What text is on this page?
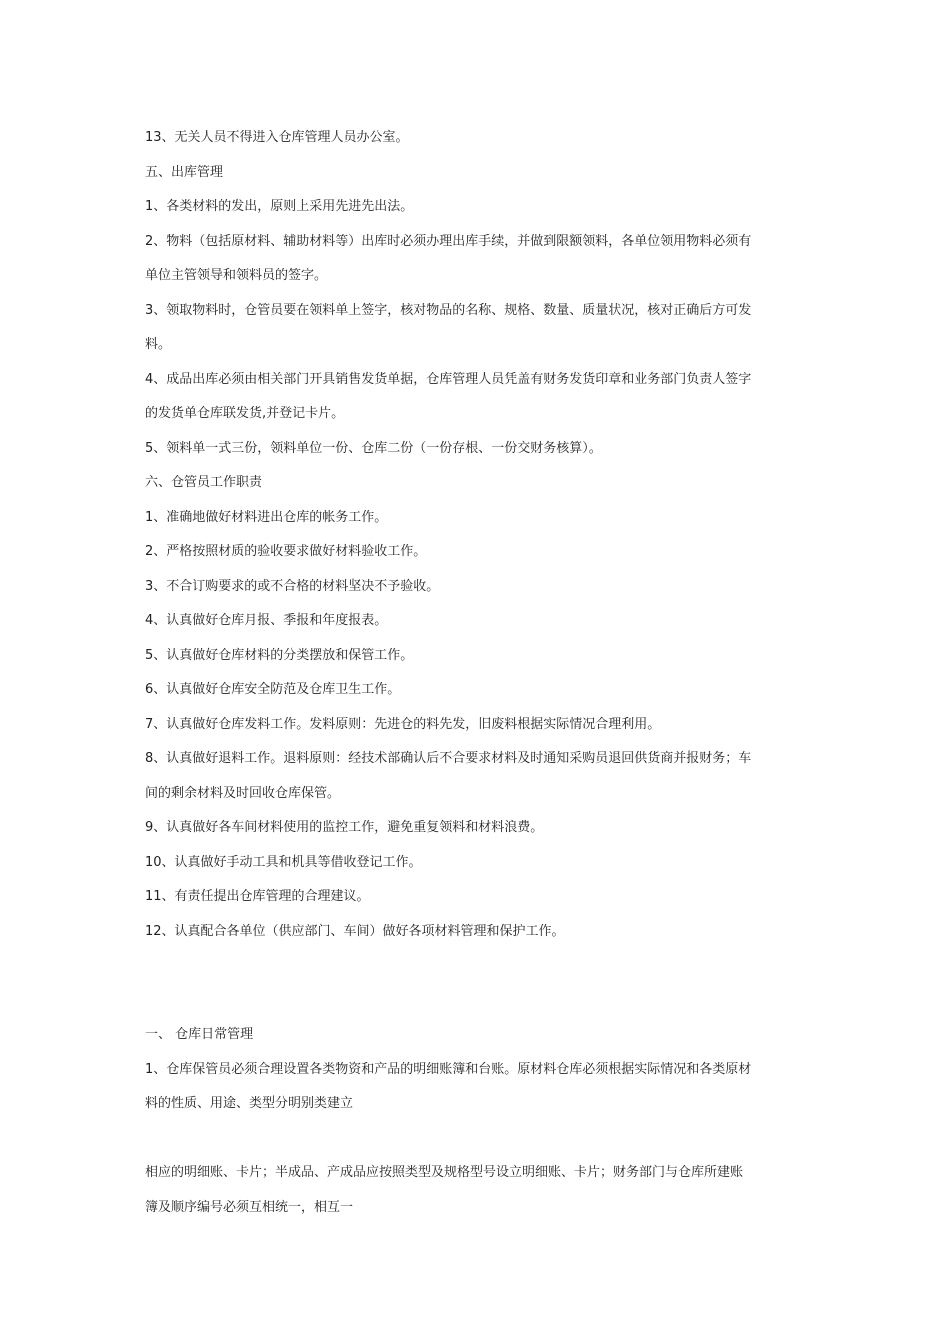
13、无关人员不得进入仓库管理人员办公室。
五、出库管理
1、各类材料的发出，原则上采用先进先出法。
2、物料（包括原材料、辅助材料等）出库时必须办理出库手续，并做到限额领料，各单位领用物料必须有
单位主管领导和领料员的签字。
3、领取物料时，仓管员要在领料单上签字，核对物品的名称、规格、数量、质量状况，核对正确后方可发
料。
4、成品出库必须由相关部门开具销售发货单据，仓库管理人员凭盖有财务发货印章和业务部门负责人签字
的发货单仓库联发货,并登记卡片。
5、领料单一式三份，领料单位一份、仓库二份（一份存根、一份交财务核算）。
六、仓管员工作职责
1、准确地做好材料进出仓库的帐务工作。
2、严格按照材质的验收要求做好材料验收工作。
3、不合订购要求的或不合格的材料坚决不予验收。
4、认真做好仓库月报、季报和年度报表。
5、认真做好仓库材料的分类摆放和保管工作。
6、认真做好仓库安全防范及仓库卫生工作。
7、认真做好仓库发料工作。发料原则：先进仓的料先发，旧废料根据实际情况合理利用。
8、认真做好退料工作。退料原则：经技术部确认后不合要求材料及时通知采购员退回供货商并报财务；车
间的剩余材料及时回收仓库保管。
9、认真做好各车间材料使用的监控工作，避免重复领料和材料浪费。
10、认真做好手动工具和机具等借收登记工作。
11、有责任提出仓库管理的合理建议。
12、认真配合各单位（供应部门、车间）做好各项材料管理和保护工作。
一、 仓库日常管理
1、仓库保管员必须合理设置各类物资和产品的明细账簿和台账。原材料仓库必须根据实际情况和各类原材
料的性质、用途、类型分明别类建立
相应的明细账、卡片；半成品、产成品应按照类型及规格型号设立明细账、卡片；财务部门与仓库所建账
簿及顺序编号必须互相统一，相互一
